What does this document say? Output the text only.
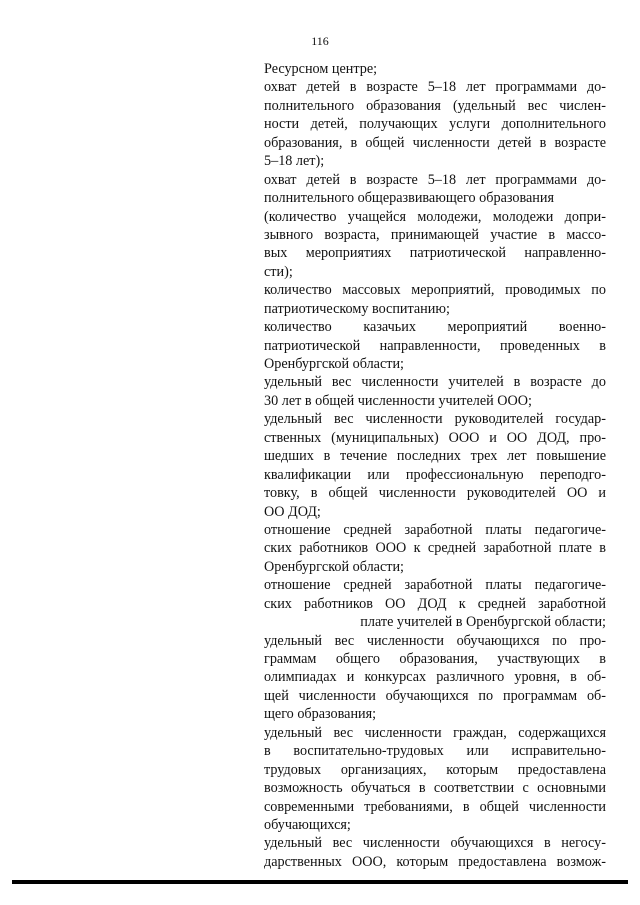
116
Ресурсном центре;
охват детей в возрасте 5–18 лет программами до-
полнительного образования (удельный вес числен-
ности детей, получающих услуги дополнительного
образования, в общей численности детей в возрасте
5–18 лет);
охват детей в возрасте 5–18 лет программами до-
полнительного общеразвивающего образования
(количество учащейся молодежи, молодежи допри-
зывного возраста, принимающей участие в массо-
вых мероприятиях патриотической направленно-
сти);
количество массовых мероприятий, проводимых по
патриотическому воспитанию;
количество казачьих мероприятий военно-
патриотической направленности, проведенных в
Оренбургской области;
удельный вес численности учителей в возрасте до
30 лет в общей численности учителей ООО;
удельный вес численности руководителей государ-
ственных (муниципальных) ООО и ОО ДОД, про-
шедших в течение последних трех лет повышение
квалификации или профессиональную переподго-
товку, в общей численности руководителей ОО и
ОО ДОД;
отношение средней заработной платы педагогиче-
ских работников ООО к средней заработной плате в
Оренбургской области;
отношение средней заработной платы педагогиче-
ских работников ОО ДОД к средней заработной
плате учителей в Оренбургской области;
удельный вес численности обучающихся по про-
граммам общего образования, участвующих в
олимпиадах и конкурсах различного уровня, в об-
щей численности обучающихся по программам об-
щего образования;
удельный вес численности граждан, содержащихся
в воспитательно-трудовых или исправительно-
трудовых организациях, которым предоставлена
возможность обучаться в соответствии с основными
современными требованиями, в общей численности
обучающихся;
удельный вес численности обучающихся в негосу-
дарственных ООО, которым предоставлена возмож-
